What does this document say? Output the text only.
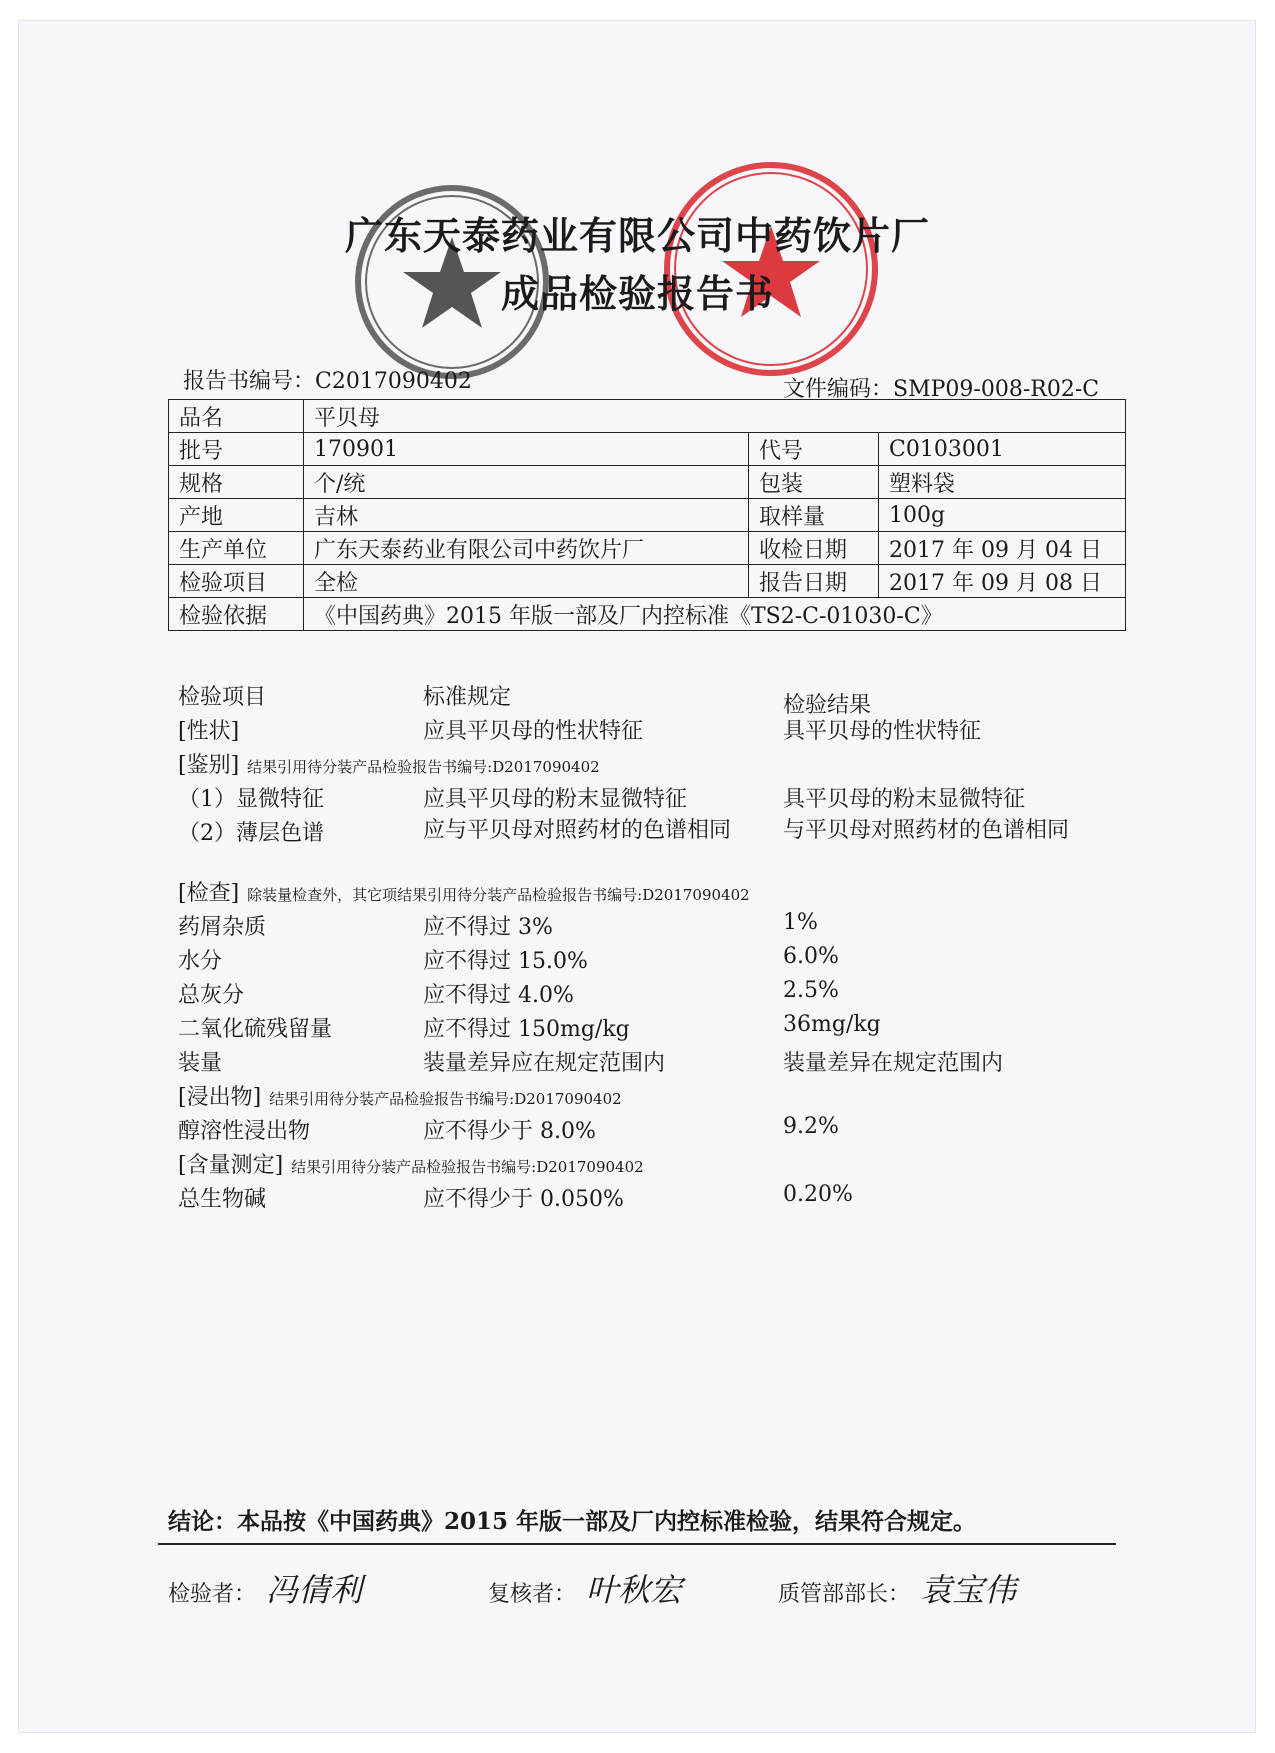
广东天泰药业有限公司中药饮片厂
成品检验报告书
报告书编号：C2017090402	文件编码：SMP09-008-R02-C
品名	平贝母		

批号	170901	代号	C0103001

规格	个/统	包装	塑料袋

产地	吉林	取样量	100g
生产单位	广东天泰药业有限公司中药饮片厂	收检日期	2017 年 09 月 04 日
检验项目	全检	报告日期	2017 年 09 月 08 日
检验依据	《中国药典》2015 年版一部及厂内控标准《TS2-C-01030-C》		
检验项目	标准规定	检验结果
[性状]	应具平贝母的性状特征	具平贝母的性状特征
[鉴别] 结果引用待分装产品检验报告书编号:D2017090402
（1）显微特征	应具平贝母的粉末显微特征	具平贝母的粉末显微特征
（2）薄层色谱	应与平贝母对照药材的色谱相同	与平贝母对照药材的色谱相同
[检查] 除装量检查外，其它项结果引用待分装产品检验报告书编号:D2017090402
药屑杂质	应不得过 3%	1%
水分	应不得过 15.0%	6.0%
总灰分	应不得过 4.0%	2.5%
二氧化硫残留量	应不得过 150mg/kg	36mg/kg
装量	装量差异应在规定范围内	装量差异在规定范围内
[浸出物] 结果引用待分装产品检验报告书编号:D2017090402
醇溶性浸出物	应不得少于 8.0%	9.2%
[含量测定] 结果引用待分装产品检验报告书编号:D2017090402
总生物碱	应不得少于 0.050%	0.20%
结论：本品按《中国药典》2015 年版一部及厂内控标准检验，结果符合规定。
检验者： 冯倩利	复核者： 叶秋宏	质管部部长： 袁宝伟
